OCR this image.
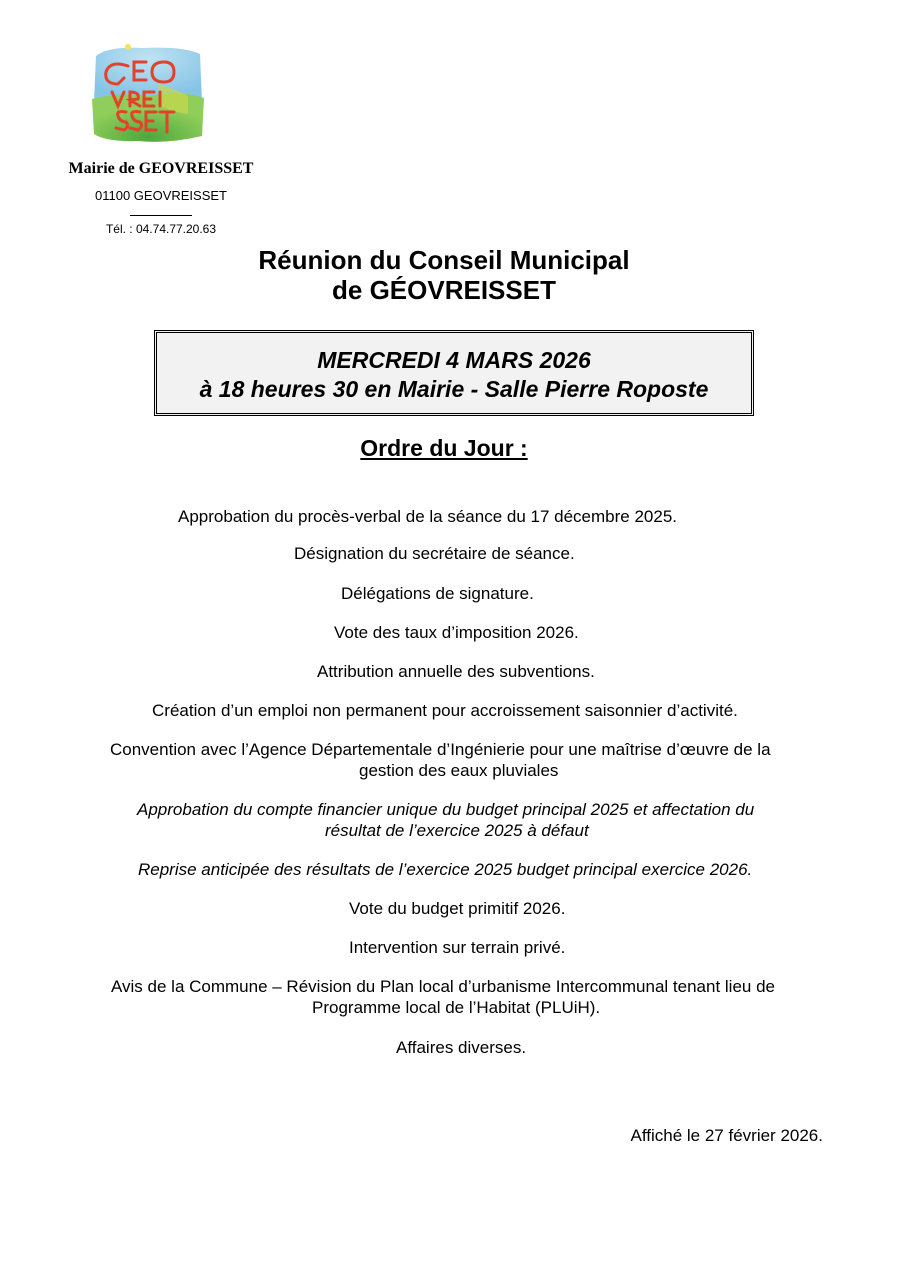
Mairie de GEOVREISSET
01100 GEOVREISSET
Tél. : 04.74.77.20.63
Réunion du Conseil Municipal
de GÉOVREISSET
MERCREDI 4 MARS 2026
à 18 heures 30 en Mairie - Salle Pierre Roposte
Ordre du Jour :
Approbation du procès-verbal de la séance du 17 décembre 2025.
Désignation du secrétaire de séance.
Délégations de signature.
Vote des taux d’imposition 2026.
Attribution annuelle des subventions.
Création d’un emploi non permanent pour accroissement saisonnier d’activité.
Convention avec l’Agence Départementale d’Ingénierie pour une maîtrise d’œuvre de la
gestion des eaux pluviales
Approbation du compte financier unique du budget principal 2025 et affectation du
résultat de l’exercice 2025 à défaut
Reprise anticipée des résultats de l’exercice 2025 budget principal exercice 2026.
Vote du budget primitif 2026.
Intervention sur terrain privé.
Avis de la Commune – Révision du Plan local d’urbanisme Intercommunal tenant lieu de
Programme local de l’Habitat (PLUiH).
Affaires diverses.
Affiché le 27 février 2026.
